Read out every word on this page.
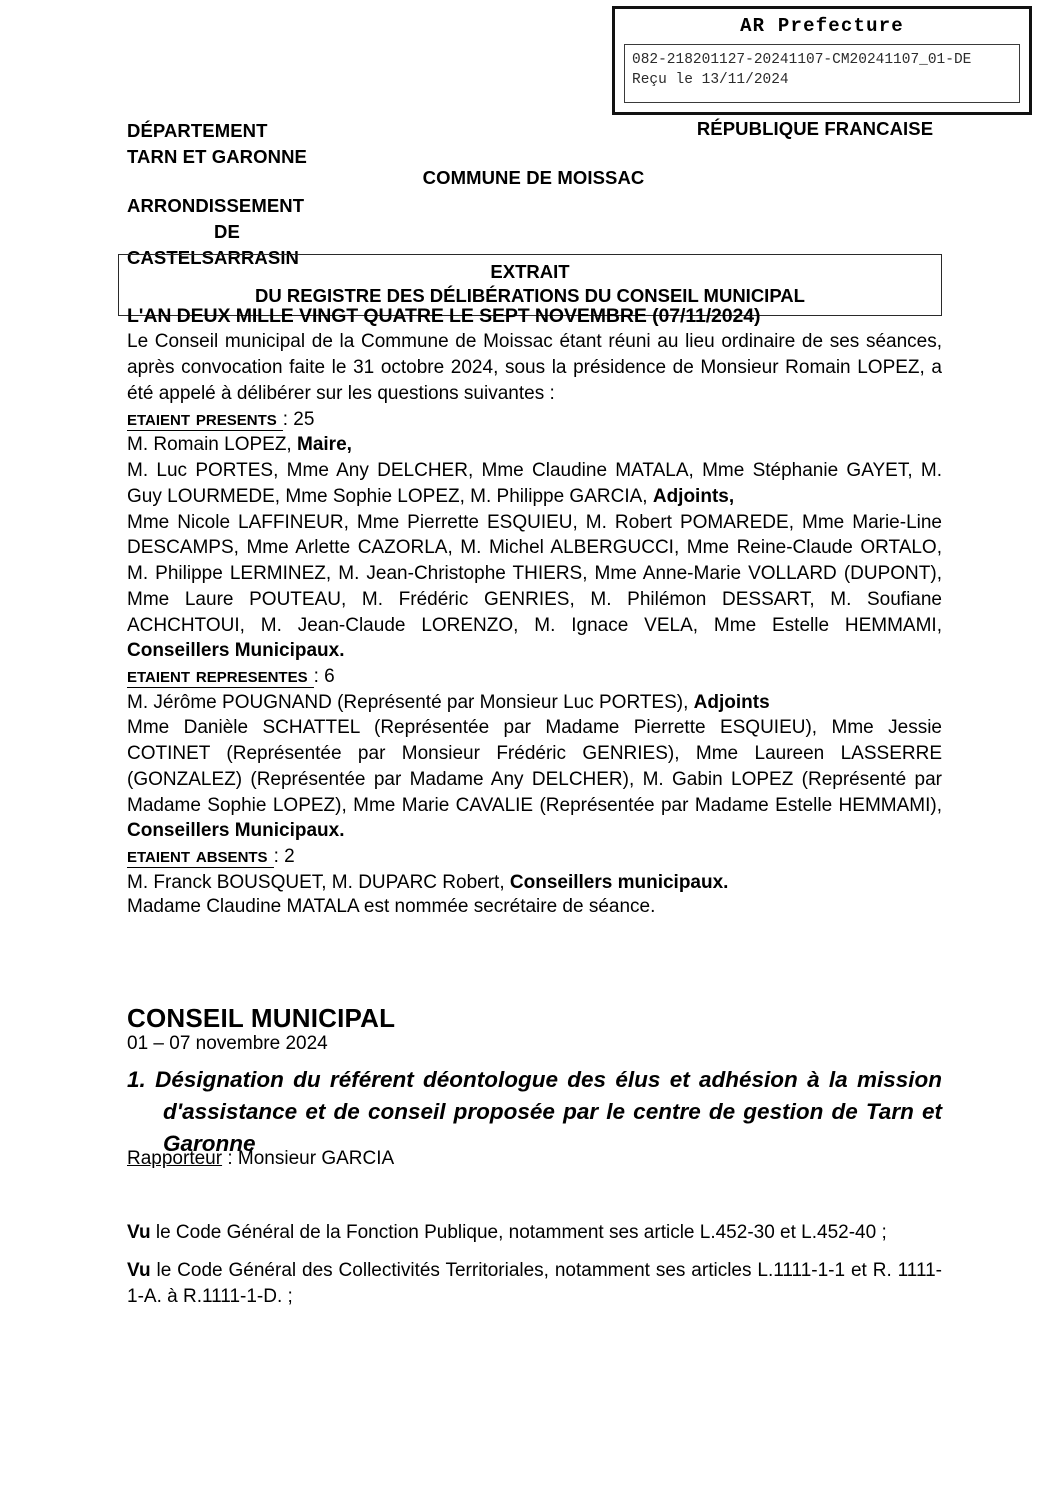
AR Prefecture
082-218201127-20241107-CM20241107_01-DE
Reçu le 13/11/2024
DÉPARTEMENT
TARN ET GARONNE
ARRONDISSEMENT
DE
CASTELSARRASIN
RÉPUBLIQUE FRANCAISE
COMMUNE DE MOISSAC
EXTRAIT
DU REGISTRE DES DÉLIBÉRATIONS DU CONSEIL MUNICIPAL

L'AN DEUX MILLE VINGT QUATRE LE SEPT NOVEMBRE (07/11/2024)

Le Conseil municipal de la Commune de Moissac étant réuni au lieu ordinaire de ses séances, après convocation faite le 31 octobre 2024, sous la présidence de Monsieur Romain LOPEZ, a été appelé à délibérer sur les questions suivantes :

etaient presents : 25

M. Romain LOPEZ, Maire,

M. Luc PORTES, Mme Any DELCHER, Mme Claudine MATALA, Mme Stéphanie GAYET, M. Guy LOURMEDE, Mme Sophie LOPEZ, M. Philippe GARCIA, Adjoints,

Mme Nicole LAFFINEUR, Mme Pierrette ESQUIEU, M. Robert POMAREDE, Mme Marie-Line DESCAMPS, Mme Arlette CAZORLA, M. Michel ALBERGUCCI, Mme Reine-Claude ORTALO, M. Philippe LERMINEZ, M. Jean-Christophe THIERS, Mme Anne-Marie VOLLARD (DUPONT), Mme Laure POUTEAU, M. Frédéric GENRIES, M. Philémon DESSART, M. Soufiane ACHCHTOUI, M. Jean-Claude LORENZO, M. Ignace VELA, Mme Estelle HEMMAMI, Conseillers Municipaux.

etaient representes : 6

M. Jérôme POUGNAND (Représenté par Monsieur Luc PORTES), Adjoints

Mme Danièle SCHATTEL (Représentée par Madame Pierrette ESQUIEU), Mme Jessie COTINET (Représentée par Monsieur Frédéric GENRIES), Mme Laureen LASSERRE (GONZALEZ) (Représentée par Madame Any DELCHER), M. Gabin LOPEZ (Représenté par Madame Sophie LOPEZ), Mme Marie CAVALIE (Représentée par Madame Estelle HEMMAMI), Conseillers Municipaux.

etaient absents : 2

M. Franck BOUSQUET, M. DUPARC Robert, Conseillers municipaux.

Madame Claudine MATALA est nommée secrétaire de séance.
CONSEIL MUNICIPAL
01 – 07 novembre 2024
1. Désignation du référent déontologue des élus et adhésion à la mission d'assistance et de conseil proposée par le centre de gestion de Tarn et Garonne
Rapporteur : Monsieur GARCIA
Vu le Code Général de la Fonction Publique, notamment ses article L.452-30 et L.452-40 ;
Vu le Code Général des Collectivités Territoriales, notamment ses articles L.1111-1-1 et R. 1111-1-A. à R.1111-1-D. ;
